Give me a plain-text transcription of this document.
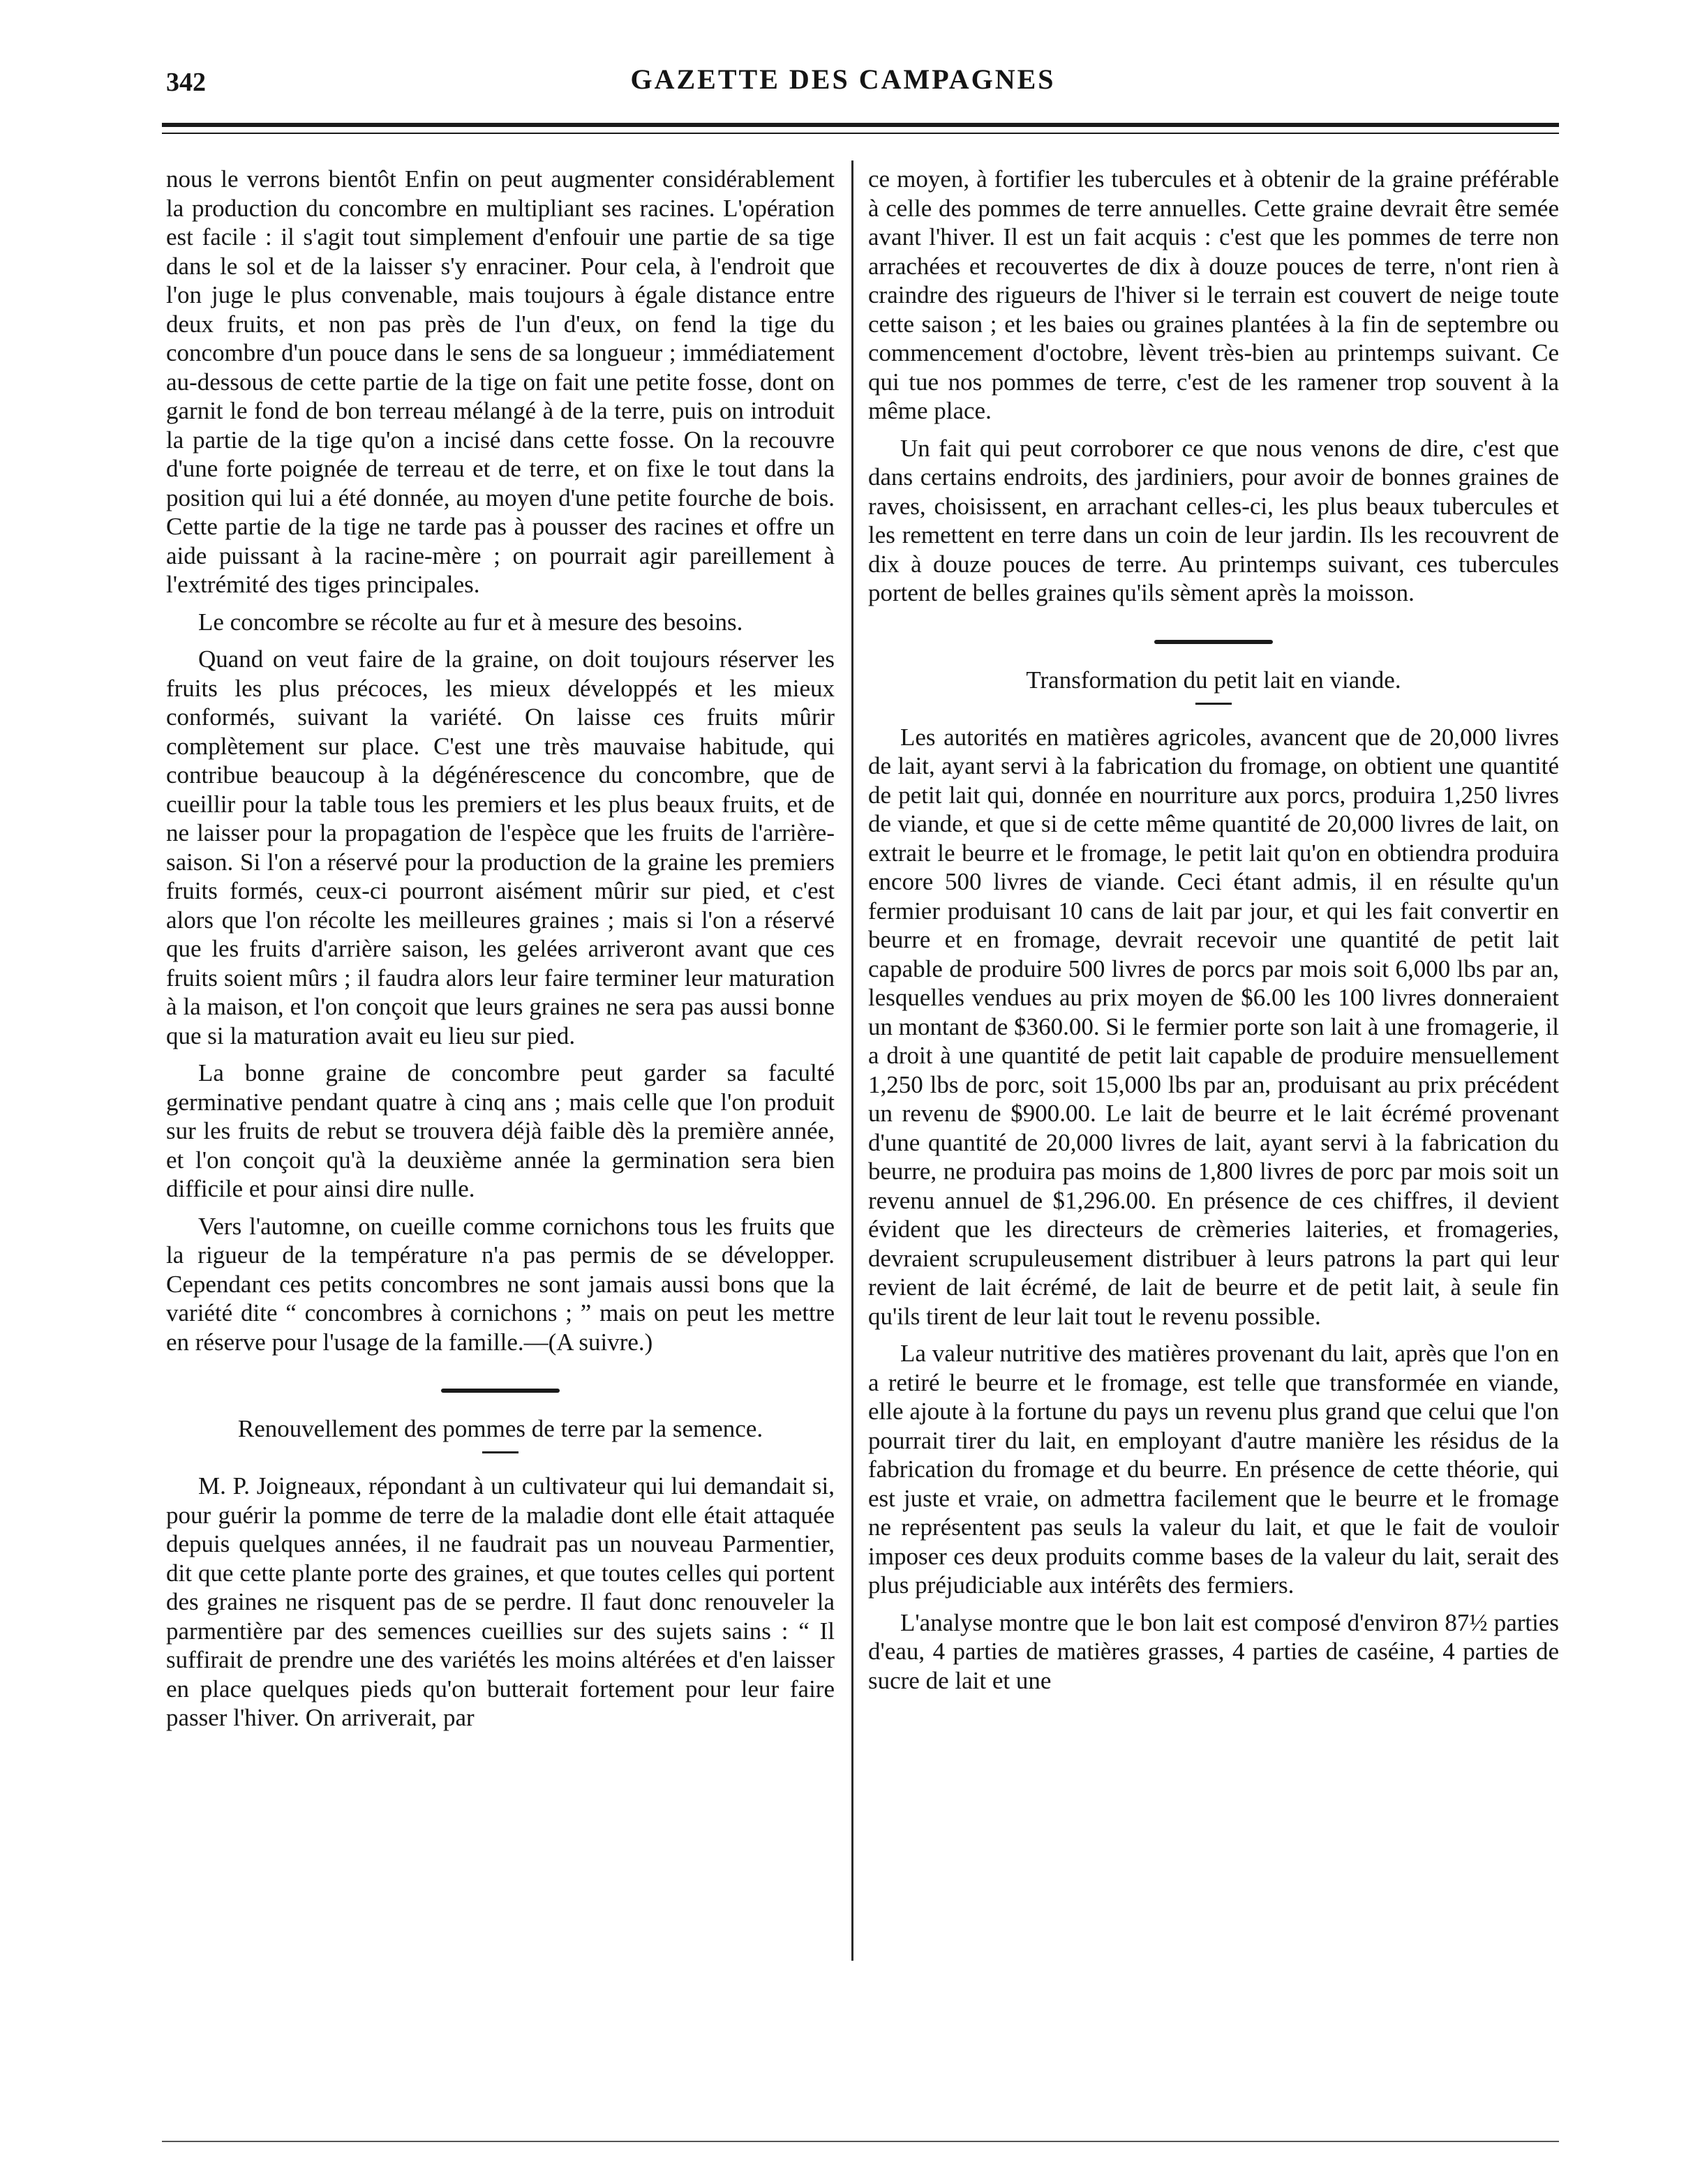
342	GAZETTE DES CAMPAGNES

nous le verrons bientôt Enfin on peut augmenter considérablement la production du concombre en multipliant ses racines. L'opération est facile : il s'agit tout simplement d'enfouir une partie de sa tige dans le sol et de la laisser s'y enraciner. Pour cela, à l'endroit que l'on juge le plus convenable, mais toujours à égale distance entre deux fruits, et non pas près de l'un d'eux, on fend la tige du concombre d'un pouce dans le sens de sa longueur ; immédiatement au-dessous de cette partie de la tige on fait une petite fosse, dont on garnit le fond de bon terreau mélangé à de la terre, puis on introduit la partie de la tige qu'on a incisé dans cette fosse. On la recouvre d'une forte poignée de terreau et de terre, et on fixe le tout dans la position qui lui a été donnée, au moyen d'une petite fourche de bois. Cette partie de la tige ne tarde pas à pousser des racines et offre un aide puissant à la racine-mère ; on pourrait agir pareillement à l'extrémité des tiges principales.

Le concombre se récolte au fur et à mesure des besoins.

Quand on veut faire de la graine, on doit toujours réserver les fruits les plus précoces, les mieux développés et les mieux conformés, suivant la variété. On laisse ces fruits mûrir complètement sur place. C'est une très mauvaise habitude, qui contribue beaucoup à la dégénérescence du concombre, que de cueillir pour la table tous les premiers et les plus beaux fruits, et de ne laisser pour la propagation de l'espèce que les fruits de l'arrière-saison. Si l'on a réservé pour la production de la graine les premiers fruits formés, ceux-ci pourront aisément mûrir sur pied, et c'est alors que l'on récolte les meilleures graines ; mais si l'on a réservé que les fruits d'arrière saison, les gelées arriveront avant que ces fruits soient mûrs ; il faudra alors leur faire terminer leur maturation à la maison, et l'on conçoit que leurs graines ne sera pas aussi bonne que si la maturation avait eu lieu sur pied.

La bonne graine de concombre peut garder sa faculté germinative pendant quatre à cinq ans ; mais celle que l'on produit sur les fruits de rebut se trouvera déjà faible dès la première année, et l'on conçoit qu'à la deuxième année la germination sera bien difficile et pour ainsi dire nulle.

Vers l'automne, on cueille comme cornichons tous les fruits que la rigueur de la température n'a pas permis de se développer. Cependant ces petits concombres ne sont jamais aussi bons que la variété dite “ concombres à cornichons ; ” mais on peut les mettre en réserve pour l'usage de la famille.—(A suivre.)

Renouvellement des pommes de terre par la semence.

M. P. Joigneaux, répondant à un cultivateur qui lui demandait si, pour guérir la pomme de terre de la maladie dont elle était attaquée depuis quelques années, il ne faudrait pas un nouveau Parmentier, dit que cette plante porte des graines, et que toutes celles qui portent des graines ne risquent pas de se perdre. Il faut donc renouveler la parmentière par des semences cueillies sur des sujets sains : “ Il suffirait de prendre une des variétés les moins altérées et d'en laisser en place quelques pieds qu'on butterait fortement pour leur faire passer l'hiver. On arriverait, par

ce moyen, à fortifier les tubercules et à obtenir de la graine préférable à celle des pommes de terre annuelles. Cette graine devrait être semée avant l'hiver. Il est un fait acquis : c'est que les pommes de terre non arrachées et recouvertes de dix à douze pouces de terre, n'ont rien à craindre des rigueurs de l'hiver si le terrain est couvert de neige toute cette saison ; et les baies ou graines plantées à la fin de septembre ou commencement d'octobre, lèvent très-bien au printemps suivant. Ce qui tue nos pommes de terre, c'est de les ramener trop souvent à la même place.

Un fait qui peut corroborer ce que nous venons de dire, c'est que dans certains endroits, des jardiniers, pour avoir de bonnes graines de raves, choisissent, en arrachant celles-ci, les plus beaux tubercules et les remettent en terre dans un coin de leur jardin. Ils les recouvrent de dix à douze pouces de terre. Au printemps suivant, ces tubercules portent de belles graines qu'ils sèment après la moisson.

Transformation du petit lait en viande.

Les autorités en matières agricoles, avancent que de 20,000 livres de lait, ayant servi à la fabrication du fromage, on obtient une quantité de petit lait qui, donnée en nourriture aux porcs, produira 1,250 livres de viande, et que si de cette même quantité de 20,000 livres de lait, on extrait le beurre et le fromage, le petit lait qu'on en obtiendra produira encore 500 livres de viande. Ceci étant admis, il en résulte qu'un fermier produisant 10 cans de lait par jour, et qui les fait convertir en beurre et en fromage, devrait recevoir une quantité de petit lait capable de produire 500 livres de porcs par mois soit 6,000 lbs par an, lesquelles vendues au prix moyen de $6.00 les 100 livres donneraient un montant de $360.00. Si le fermier porte son lait à une fromagerie, il a droit à une quantité de petit lait capable de produire mensuellement 1,250 lbs de porc, soit 15,000 lbs par an, produisant au prix précédent un revenu de $900.00. Le lait de beurre et le lait écrémé provenant d'une quantité de 20,000 livres de lait, ayant servi à la fabrication du beurre, ne produira pas moins de 1,800 livres de porc par mois soit un revenu annuel de $1,296.00. En présence de ces chiffres, il devient évident que les directeurs de crèmeries laiteries, et fromageries, devraient scrupuleusement distribuer à leurs patrons la part qui leur revient de lait écrémé, de lait de beurre et de petit lait, à seule fin qu'ils tirent de leur lait tout le revenu possible.

La valeur nutritive des matières provenant du lait, après que l'on en a retiré le beurre et le fromage, est telle que transformée en viande, elle ajoute à la fortune du pays un revenu plus grand que celui que l'on pourrait tirer du lait, en employant d'autre manière les résidus de la fabrication du fromage et du beurre. En présence de cette théorie, qui est juste et vraie, on admettra facilement que le beurre et le fromage ne représentent pas seuls la valeur du lait, et que le fait de vouloir imposer ces deux produits comme bases de la valeur du lait, serait des plus préjudiciable aux intérêts des fermiers.

L'analyse montre que le bon lait est composé d'environ 87½ parties d'eau, 4 parties de matières grasses, 4 parties de caséine, 4 parties de sucre de lait et une
